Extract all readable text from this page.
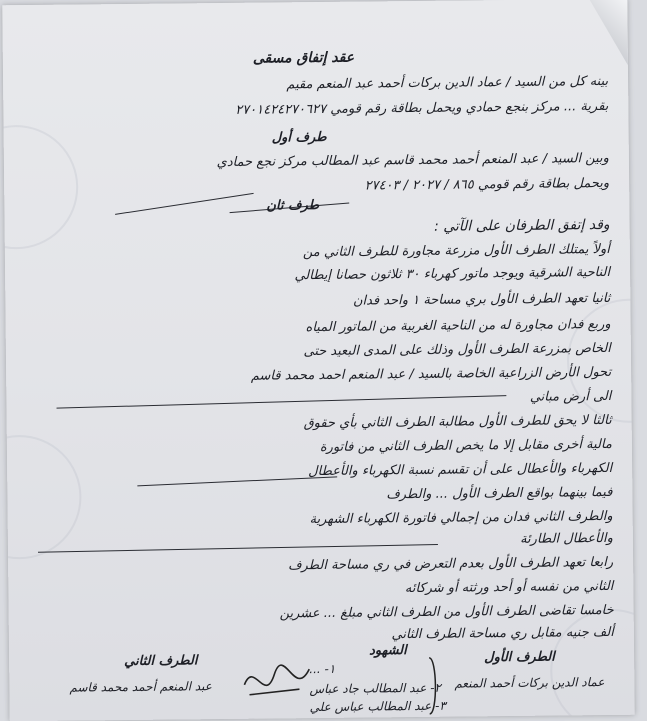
عقد إتفاق مسقى
بينه كل من السيد / عماد الدين بركات أحمد عبد المنعم مقيم
بقرية ... مركز بنجع حمادي ويحمل بطاقة رقم قومي ٢٧٠١٤٢٤٢٧٠٦٢٧
طرف أول
وبين السيد / عبد المنعم أحمد محمد قاسم عبد المطالب مركز نجع حمادي
ويحمل بطاقة رقم قومي ٨٦٥ / ٢٠٢٧ / ٢٧٤٠٣
طرف ثان
وقد إتفق الطرفان على الآتي :
أولاً يمتلك الطرف الأول مزرعة مجاورة للطرف الثاني من
الناحية الشرقية ويوجد ماتور كهرباء ٣٠ ثلاثون حصانا إيطالي
ثانيا تعهد الطرف الأول بري مساحة ١ واحد فدان
وربع فدان مجاورة له من الناحية الغربية من الماتور المياه
الخاص بمزرعة الطرف الأول وذلك على المدى البعيد حتى
تحول الأرض الزراعية الخاصة بالسيد / عبد المنعم احمد محمد قاسم
الى أرض مباني
ثالثا لا يحق للطرف الأول مطالبة الطرف الثاني بأي حقوق
مالية أخرى مقابل إلا ما يخص الطرف الثاني من فاتورة
الكهرباء والأعطال على أن تقسم نسبة الكهرباء والأعطال
فيما بينهما بواقع الطرف الأول ... والطرف
والطرف الثاني فدان من إجمالي فاتورة الكهرباء الشهرية
والأعطال الطارئة
رابعا تعهد الطرف الأول بعدم التعرض في ري مساحة الطرف
الثاني من نفسه أو أحد ورثته أو شركائه
خامسا تقاضى الطرف الأول من الطرف الثاني مبلغ ... عشرين
ألف جنيه مقابل ري مساحة الطرف الثاني
الطرف الأول
الشهود
الطرف الثاني
عبد المنعم أحمد محمد قاسم
١- ...
٢- عبد المطالب جاد عباس
٣- عبد المطالب عباس علي
عماد الدين بركات أحمد المنعم
